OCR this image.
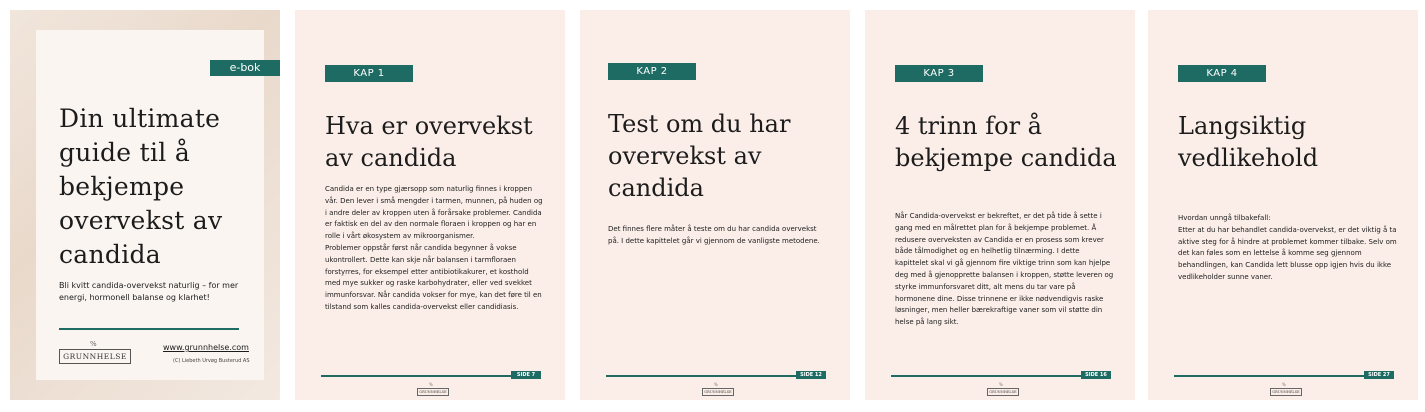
e-bok
Din ultimate guide til å bekjempe overvekst av candida
Bli kvitt candida-overvekst naturlig – for mer energi, hormonell balanse og klarhet!
%
GRUNNHELSE
www.grunnhelse.com
(C) Liebeth Urvøg Busterud AS
KAP 1
Hva er overvekst av candida
Candida er en type gjærsopp som naturlig finnes i kroppen vår. Den lever i små mengder i tarmen, munnen, på huden og i andre deler av kroppen uten å forårsake problemer. Candida er faktisk en del av den normale floraen i kroppen og har en rolle i vårt økosystem av mikroorganismer.
Problemer oppstår først når candida begynner å vokse ukontrollert. Dette kan skje når balansen i tarmfloraen forstyrres, for eksempel etter antibiotikakurer, et kosthold med mye sukker og raske karbohydrater, eller ved svekket immunforsvar. Når candida vokser for mye, kan det føre til en tilstand som kalles candida-overvekst eller candidiasis.
SIDE 7
%
GRUNNHELSE
KAP 2
Test om du har overvekst av candida
Det finnes flere måter å teste om du har candida overvekst på. I dette kapittelet går vi gjennom de vanligste metodene.
SIDE 12
%
GRUNNHELSE
KAP 3
4 trinn for å bekjempe candida
Når Candida-overvekst er bekreftet, er det på tide å sette i gang med en målrettet plan for å bekjempe problemet. Å redusere overveksten av Candida er en prosess som krever både tålmodighet og en helhetlig tilnærming. I dette kapittelet skal vi gå gjennom fire viktige trinn som kan hjelpe deg med å gjenopprette balansen i kroppen, støtte leveren og styrke immunforsvaret ditt, alt mens du tar vare på hormonene dine. Disse trinnene er ikke nødvendigvis raske løsninger, men heller bærekraftige vaner som vil støtte din helse på lang sikt.
SIDE 16
%
GRUNNHELSE
KAP 4
Langsiktig vedlikehold
Hvordan unngå tilbakefall:
Etter at du har behandlet candida-overvekst, er det viktig å ta aktive steg for å hindre at problemet kommer tilbake. Selv om det kan føles som en lettelse å komme seg gjennom behandlingen, kan Candida lett blusse opp igjen hvis du ikke vedlikeholder sunne vaner.
SIDE 27
%
GRUNNHELSE
